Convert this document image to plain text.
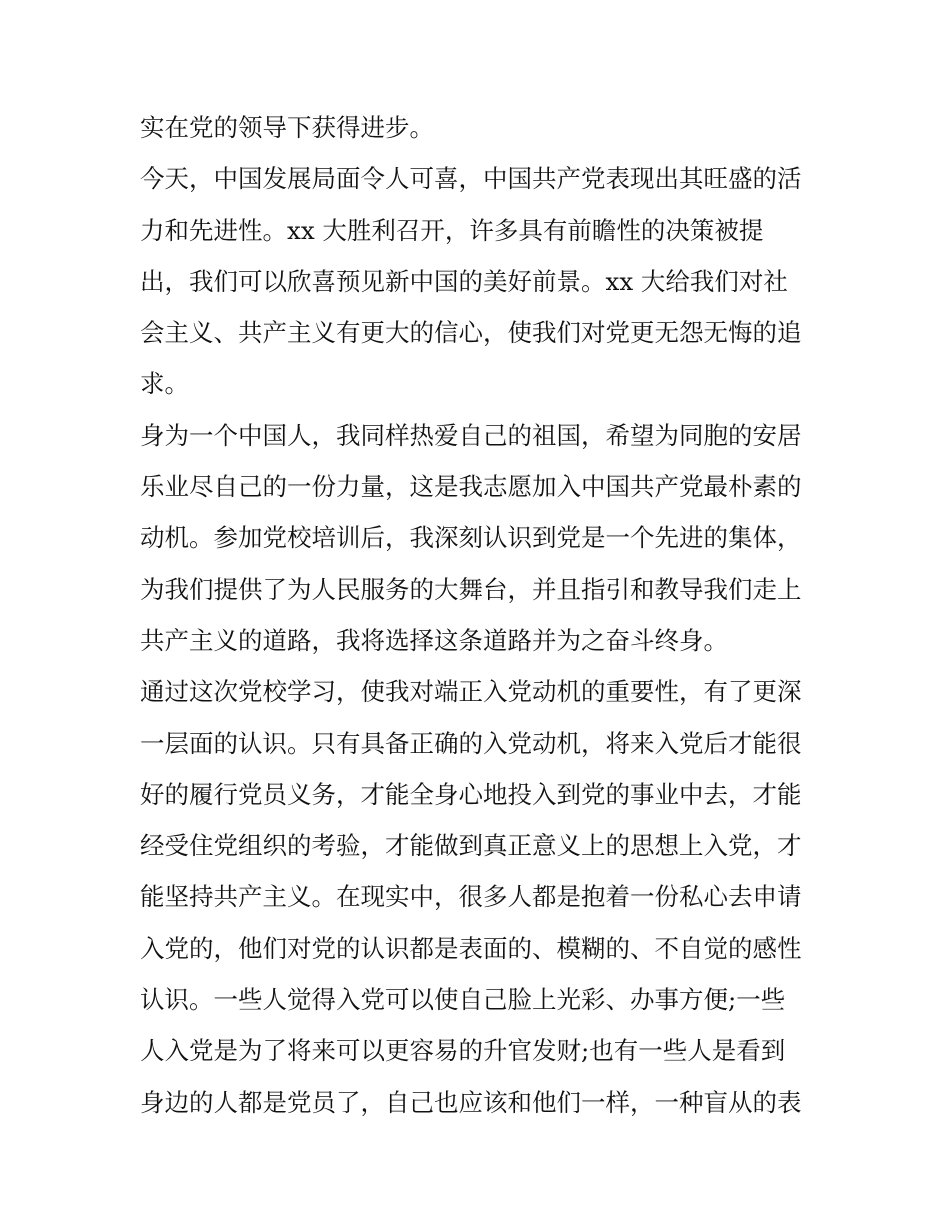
实在党的领导下获得进步。
今天，中国发展局面令人可喜，中国共产党表现出其旺盛的活
力和先进性。xx 大胜利召开，许多具有前瞻性的决策被提
出，我们可以欣喜预见新中国的美好前景。xx 大给我们对社
会主义、共产主义有更大的信心，使我们对党更无怨无悔的追
求。
身为一个中国人，我同样热爱自己的祖国，希望为同胞的安居
乐业尽自己的一份力量，这是我志愿加入中国共产党最朴素的
动机。参加党校培训后，我深刻认识到党是一个先进的集体，
为我们提供了为人民服务的大舞台，并且指引和教导我们走上
共产主义的道路，我将选择这条道路并为之奋斗终身。
通过这次党校学习，使我对端正入党动机的重要性，有了更深
一层面的认识。只有具备正确的入党动机，将来入党后才能很
好的履行党员义务，才能全身心地投入到党的事业中去，才能
经受住党组织的考验，才能做到真正意义上的思想上入党，才
能坚持共产主义。在现实中，很多人都是抱着一份私心去申请
入党的，他们对党的认识都是表面的、模糊的、不自觉的感性
认识。一些人觉得入党可以使自己脸上光彩、办事方便;一些
人入党是为了将来可以更容易的升官发财;也有一些人是看到
身边的人都是党员了，自己也应该和他们一样，一种盲从的表
